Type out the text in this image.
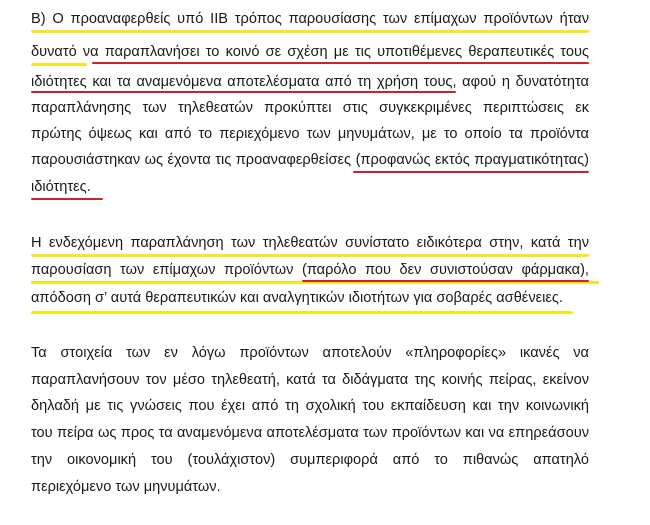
Β) Ο προαναφερθείς υπό ΙΙΒ τρόπος παρουσίασης των επίμαχων προϊόντων ήταν
δυνατό να παραπλανήσει το κοινό σε σχέση με τις υποτιθέμενες θεραπευτικές τους
ιδιότητες και τα αναμενόμενα αποτελέσματα από τη χρήση τους, αφού η δυνατότητα
παραπλάνησης των τηλεθεατών προκύπτει στις συγκεκριμένες περιπτώσεις εκ
πρώτης όψεως και από το περιεχόμενο των μηνυμάτων, με το οποίο τα προϊόντα
παρουσιάστηκαν ως έχοντα τις προαναφερθείσες (προφανώς εκτός πραγματικότητας)
ιδιότητες.
Η ενδεχόμενη παραπλάνηση των τηλεθεατών συνίστατο ειδικότερα στην, κατά την
παρουσίαση των επίμαχων προϊόντων (παρόλο που δεν συνιστούσαν φάρμακα),
απόδοση σ’ αυτά θεραπευτικών και αναλγητικών ιδιοτήτων για σοβαρές ασθένειες.
Τα στοιχεία των εν λόγω προϊόντων αποτελούν «πληροφορίες» ικανές να
παραπλανήσουν τον μέσο τηλεθεατή, κατά τα διδάγματα της κοινής πείρας, εκείνον
δηλαδή με τις γνώσεις που έχει από τη σχολική του εκπαίδευση και την κοινωνική
του πείρα ως προς τα αναμενόμενα αποτελέσματα των προϊόντων και να επηρεάσουν
την οικονομική του (τουλάχιστον) συμπεριφορά από το πιθανώς απατηλό
περιεχόμενο των μηνυμάτων.
